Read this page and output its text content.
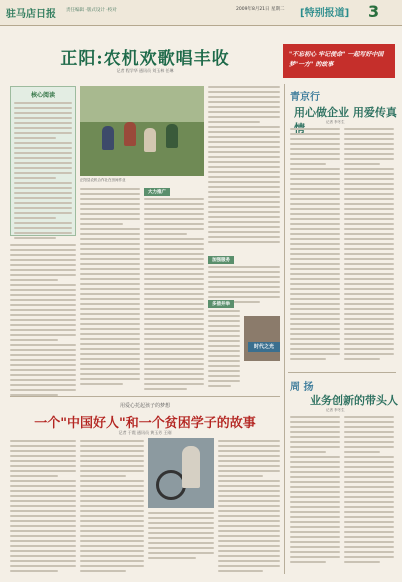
驻马店日报 责任编辑 ·版式设计 ·校对	2009年8月21日 星期二 [特别报道] 3
正阳:农机欢歌唱丰收
记者 程学华 通讯员 刘玉林 任琳
"不忘初心 牢记使命" 一起写好中国梦"一方" 的故事
核心阅读
正阳县农机合作社在田间作业
大力推广
加强服务
多措并举
时代之光
青京行
用心做企业 用爱传真情	记者 李冬生
周 扬
业务创新的带头人
记者 李冬生
用爱心托起孩子的梦想
一个"中国好人"和一个贫困学子的故事
记者 于霞 通讯员 黄玉芳 王刚
